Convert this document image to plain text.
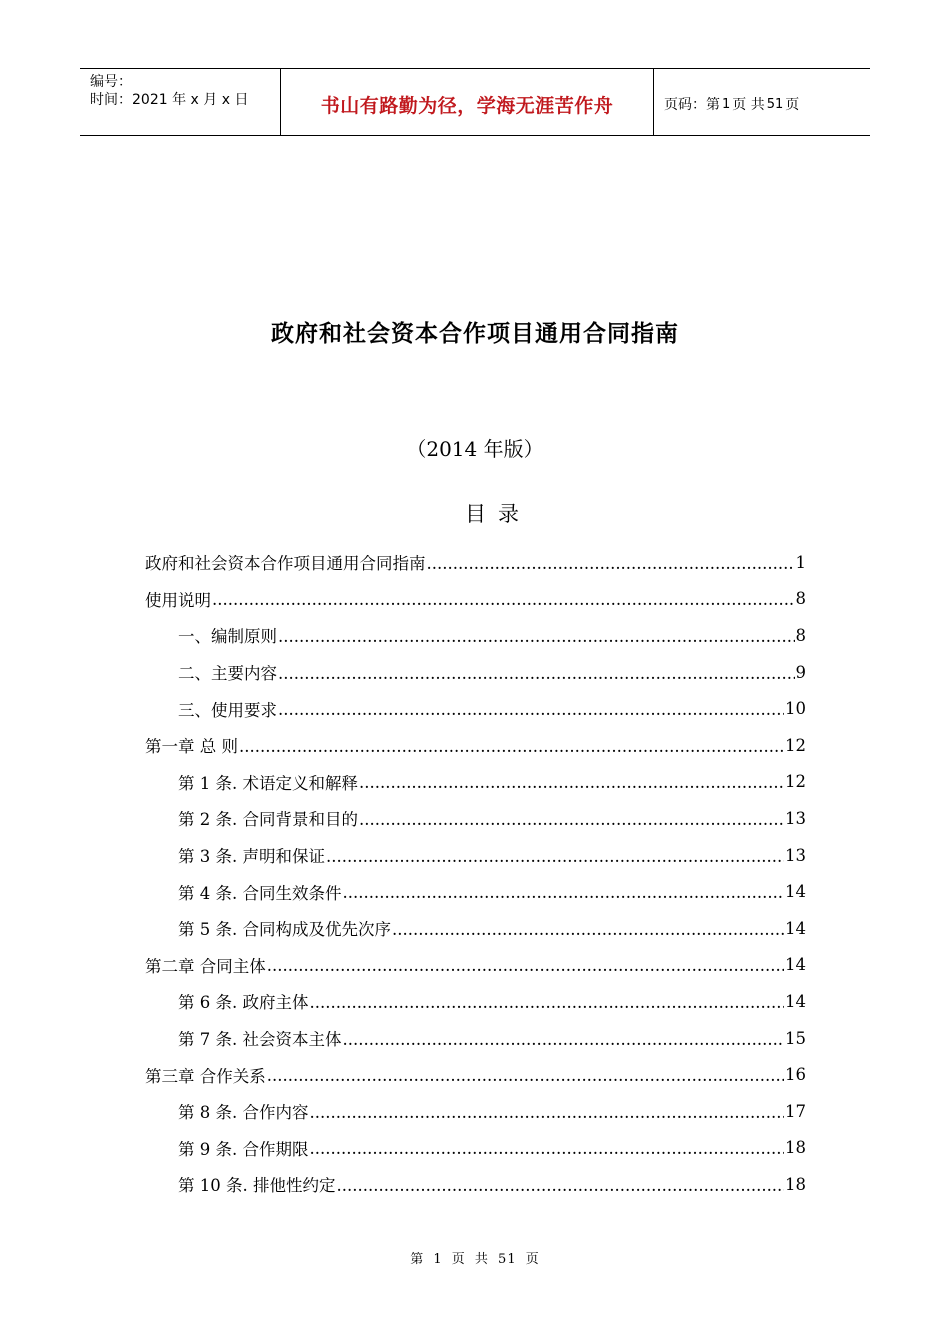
编号：
时间：2021 年 x 月 x 日	书山有路勤为径，学海无涯苦作舟	页码：第 1 页 共 51 页
政府和社会资本合作项目通用合同指南
（2014 年版）
目录
政府和社会资本合作项目通用合同指南 .....	1
使用说明 .....	8
一、编制原则 .....	8
二、主要内容 .....	9
三、使用要求 .....	10
第一章 总 则 .....	12
第 1 条. 术语定义和解释 .....	12
第 2 条. 合同背景和目的 .....	13
第 3 条. 声明和保证 .....	13
第 4 条. 合同生效条件 .....	14
第 5 条. 合同构成及优先次序 .....	14
第二章 合同主体 .....	14
第 6 条. 政府主体 .....	14
第 7 条. 社会资本主体 .....	15
第三章 合作关系 .....	16
第 8 条. 合作内容 .....	17
第 9 条. 合作期限 .....	18
第 10 条. 排他性约定 .....	18
第 1 页 共 51 页
